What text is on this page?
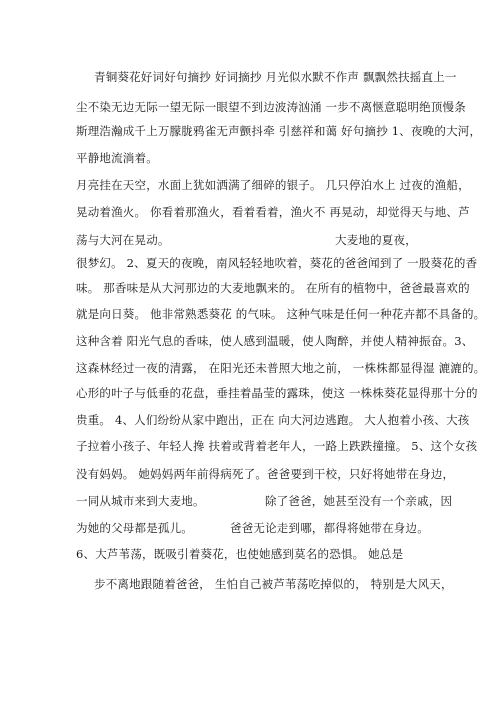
青铜葵花好词好句摘抄 好词摘抄 月光似水默不作声 飘飘然扶摇直上一
尘不染无边无际一望无际一眼望不到边波涛汹涌 一步不离惬意聪明绝顶慢条
斯理浩瀚成千上万朦胧鸦雀无声颤抖牵 引慈祥和蔼 好句摘抄 1、夜晚的大河，
平静地流淌着。
月亮挂在天空，水面上犹如洒满了细碎的银子。 几只停泊水上 过夜的渔船，
晃动着渔火。 你看着那渔火，看着看着，渔火不 再晃动，却觉得天与地、芦
荡与大河在晃动。	大麦地的夏夜，
很梦幻。 2、夏天的夜晚，南风轻轻地吹着，葵花的爸爸闻到了 一股葵花的香
味。 那香味是从大河那边的大麦地飘来的。 在所有的植物中，爸爸最喜欢的
就是向日葵。 他非常熟悉葵花 的气味。 这种气味是任何一种花卉都不具备的。
这种含着 阳光气息的香味，使人感到温暖，使人陶醉，并使人精神振奋。3、
这森林经过一夜的清露， 在阳光还未普照大地之前， 一株株都显得湿 漉漉的。
心形的叶子与低垂的花盘，垂挂着晶莹的露珠，使这 一株株葵花显得那十分的
贵重。 4、人们纷纷从家中跑出，正在 向大河边逃跑。 大人抱着小孩、大孩
子拉着小孩子、年轻人搀 扶着或背着老年人，一路上跌跌撞撞。 5、这个女孩
没有妈妈。 她妈妈两年前得病死了。爸爸要到干校，只好将她带在身边，
一同从城市来到大麦地。	除了爸爸，她甚至没有一个亲戚，因
为她的父母都是孤儿。	爸爸无论走到哪，都得将她带在身边。
6、大芦苇荡，既吸引着葵花，也使她感到莫名的恐惧。 她总是
步不离地跟随着爸爸， 生怕自己被芦苇荡吃掉似的， 特别是大风天，
